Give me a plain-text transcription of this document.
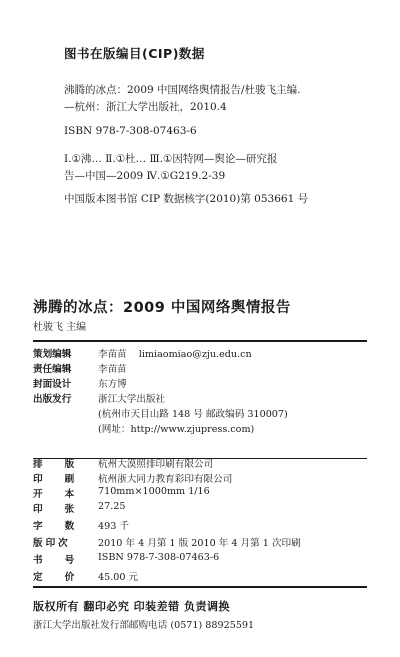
图书在版编目(CIP)数据
沸腾的冰点：2009 中国网络舆情报告/杜骏飞主编.
—杭州：浙江大学出版社，2010.4
ISBN 978-7-308-07463-6
Ⅰ.①沸… Ⅱ.①杜… Ⅲ.①因特网—舆论—研究报
告—中国—2009 Ⅳ.①G219.2-39
中国版本图书馆 CIP 数据核字(2010)第 053661 号
沸腾的冰点：2009 中国网络舆情报告
杜骏飞 主编
策划编辑	李苗苗 limiaomiao@zju.edu.cn
责任编辑	李苗苗
封面设计	东方博
出版发行	浙江大学出版社
(杭州市天目山路 148 号 邮政编码 310007)
(网址：http://www.zjupress.com)
排版 杭州大漠照排印刷有限公司
印刷 杭州浙大同力教育彩印有限公司
开本 710mm×1000mm 1/16
印张 27.25
字数 493 千
版印次	2010 年 4 月第 1 版 2010 年 4 月第 1 次印刷
书号 ISBN 978-7-308-07463-6
定价 45.00 元
版权所有 翻印必究 印装差错 负责调换
浙江大学出版社发行部邮购电话 (0571) 88925591
